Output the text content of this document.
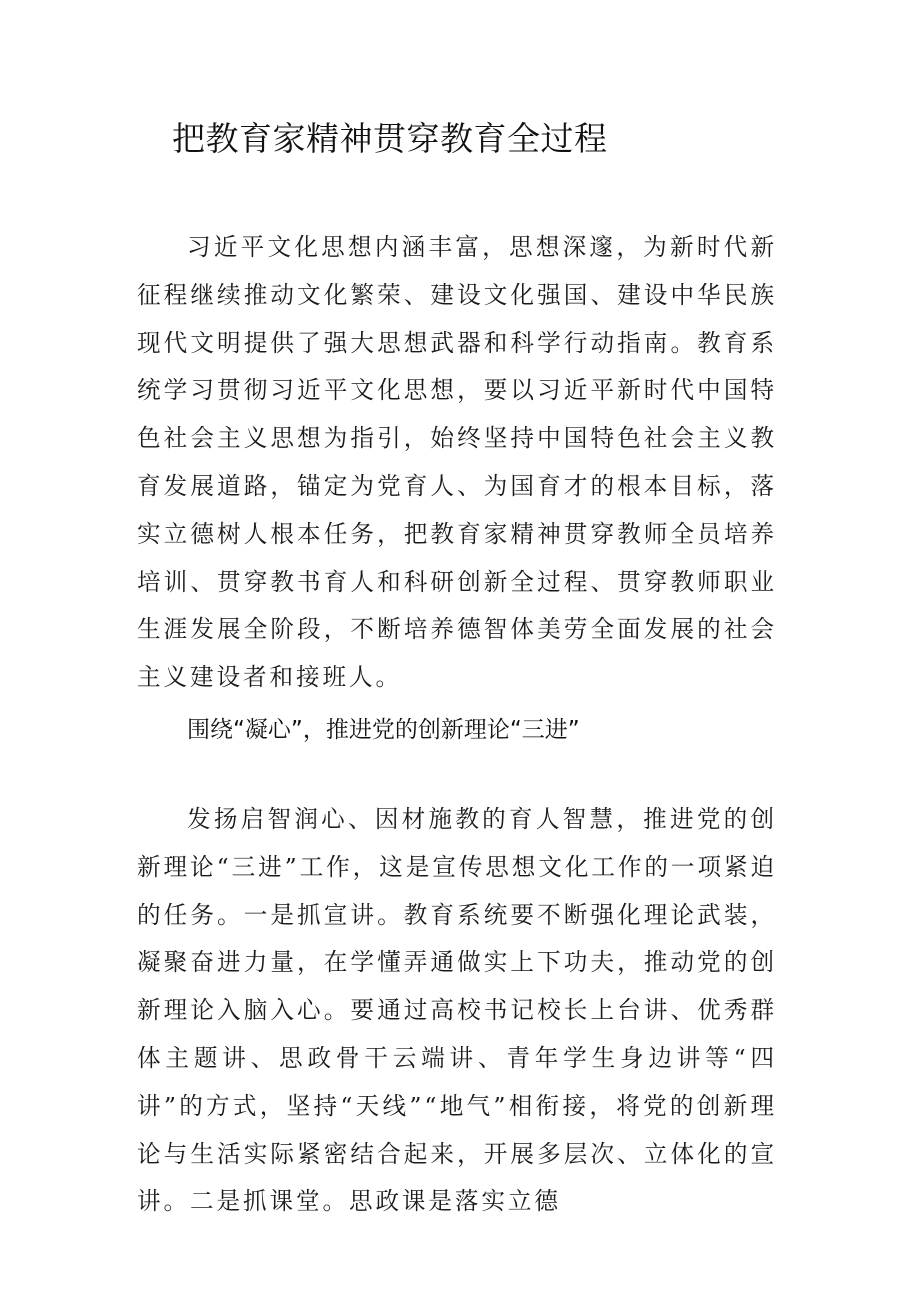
把教育家精神贯穿教育全过程

习近平文化思想内涵丰富，思想深邃，为新时代新征程继续推动文化繁荣、建设文化强国、建设中华民族现代文明提供了强大思想武器和科学行动指南。教育系统学习贯彻习近平文化思想，要以习近平新时代中国特色社会主义思想为指引，始终坚持中国特色社会主义教育发展道路，锚定为党育人、为国育才的根本目标，落实立德树人根本任务，把教育家精神贯穿教师全员培养培训、贯穿教书育人和科研创新全过程、贯穿教师职业生涯发展全阶段，不断培养德智体美劳全面发展的社会主义建设者和接班人。

围绕“凝心”，推进党的创新理论“三进”

发扬启智润心、因材施教的育人智慧，推进党的创新理论“三进”工作，这是宣传思想文化工作的一项紧迫的任务。一是抓宣讲。教育系统要不断强化理论武装，凝聚奋进力量，在学懂弄通做实上下功夫，推动党的创新理论入脑入心。要通过高校书记校长上台讲、优秀群体主题讲、思政骨干云端讲、青年学生身边讲等“四讲”的方式，坚持“天线”“地气”相衔接，将党的创新理论与生活实际紧密结合起来，开展多层次、立体化的宣讲。二是抓课堂。思政课是落实立德
